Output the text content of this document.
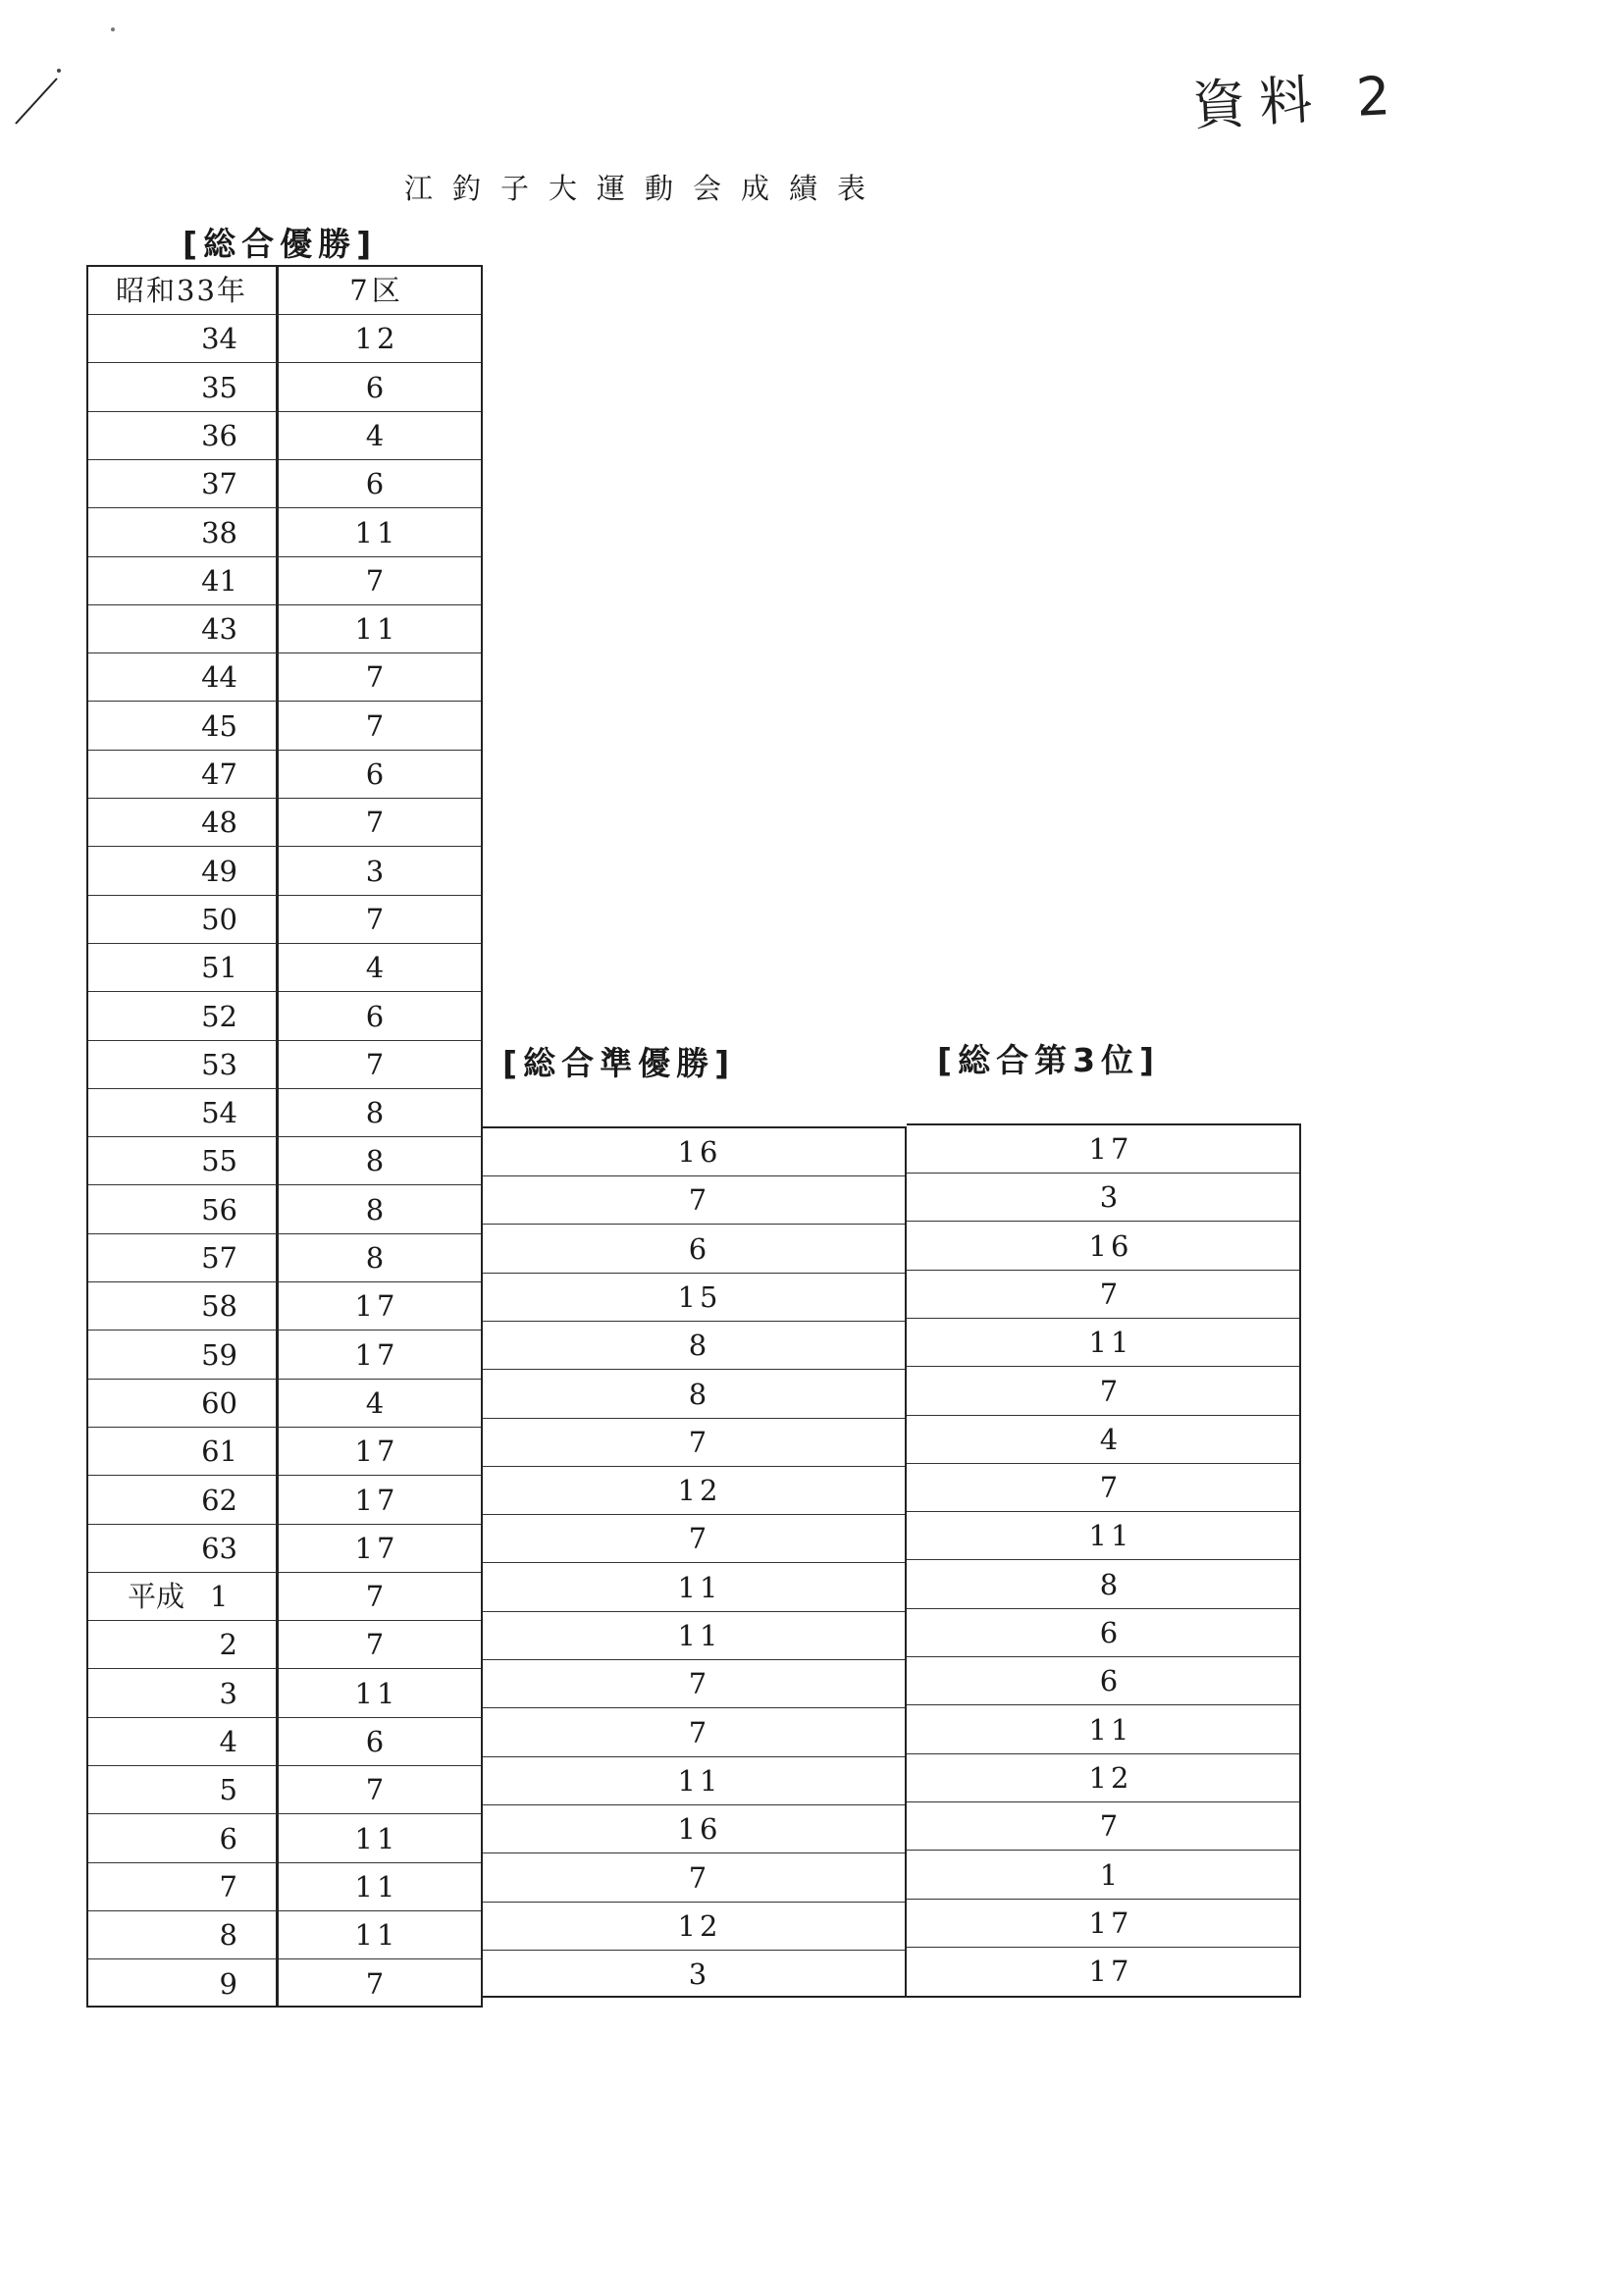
資料 2
江釣子大運動会成績表
[総合優勝]
[総合準優勝]	[総合第3位]
昭和33年
34
35
36
37
38
41
43
44
45
47
48
49
50
51
52
53
54
55
56
57
58
59
60
61
62
63
平成 1
2
3
4
5
6
7
8
9
7区
12
6
4
6
11
7
11
7
7
6
7
3
7
4
6
7
8
8
8
8
17
17
4
17
17
17
7
7
11
6
7
11
11
11
7
16
7
6
15
8
8
7
12
7
11
11
7
7
11
16
7
12
3
17
3
16
7
11
7
4
7
11
8
6
6
11
12
7
1
17
17
